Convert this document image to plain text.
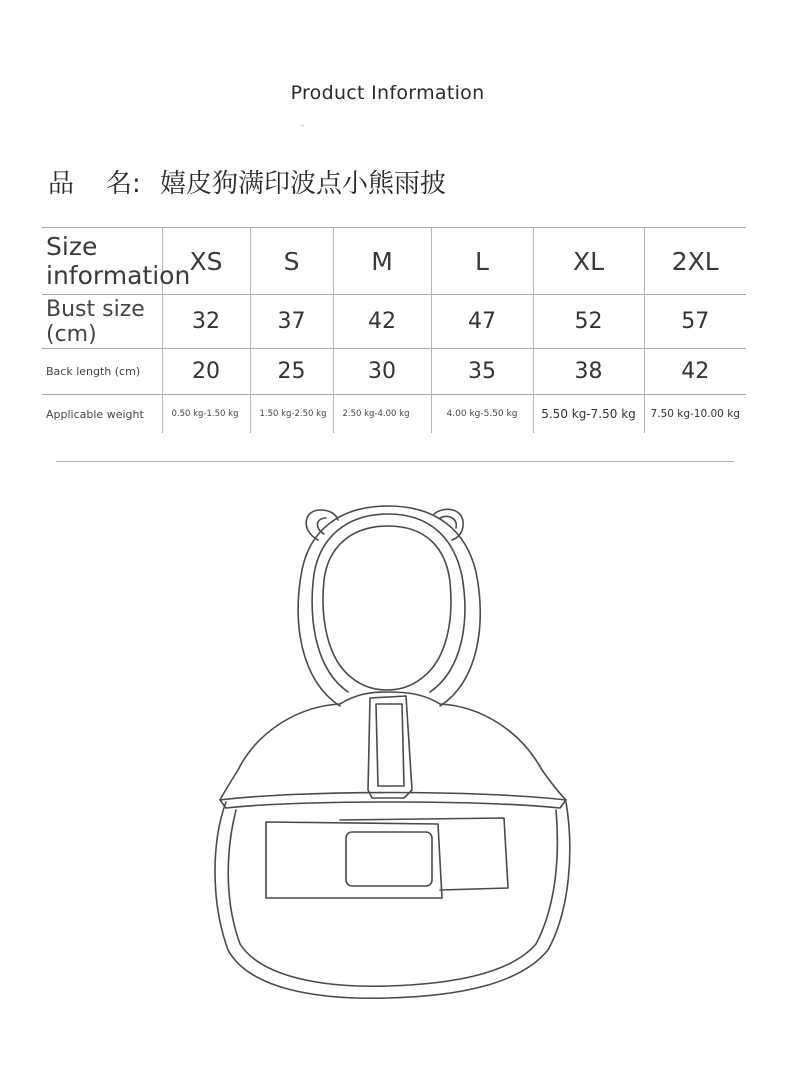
Product Information
品 名: 嬉皮狗满印波点小熊雨披
Size information	XS	S	M	L	XL	2XL
Bust size (cm)	32	37	42	47	52	57
Back length (cm)	20	25	30	35	38	42
Applicable weight	0.50 kg-1.50 kg	1.50 kg-2.50 kg	2.50 kg-4.00 kg	4.00 kg-5.50 kg	5.50 kg-7.50 kg	7.50 kg-10.00 kg
